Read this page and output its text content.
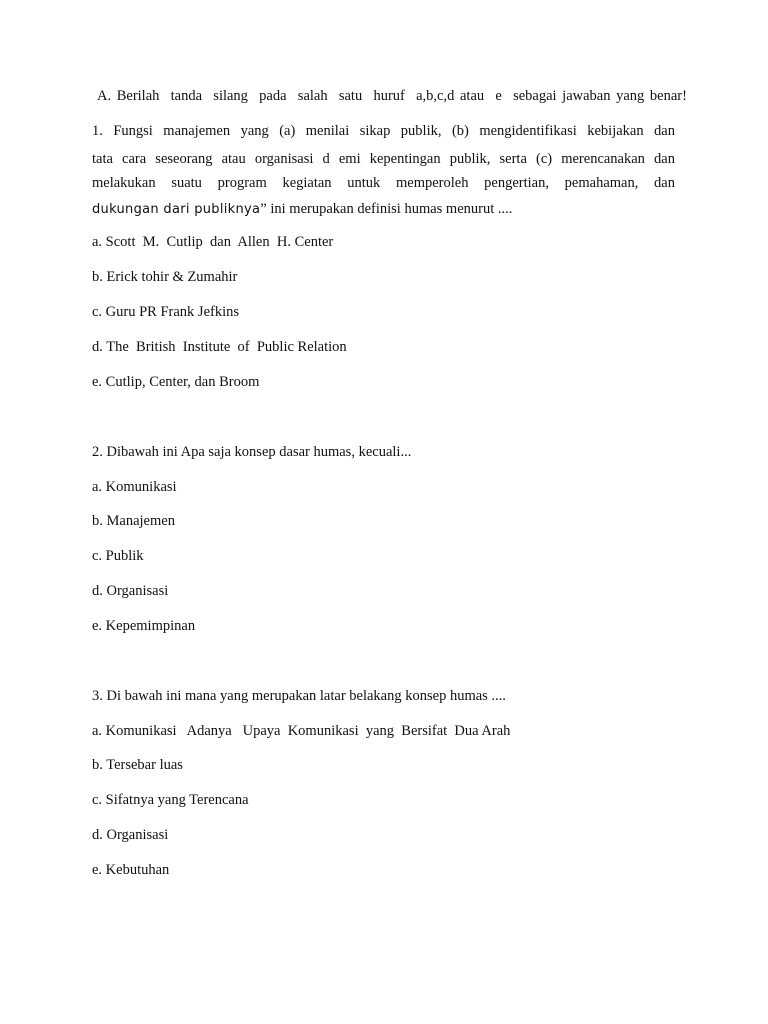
A. Berilah  tanda  silang  pada  salah  satu  huruf  a,b,c,d atau  e  sebagai jawaban yang benar!
1. Fungsi manajemen yang (a) menilai sikap publik, (b) mengidentifikasi kebijakan dan
tata cara seseorang atau organisasi d emi kepentingan publik, serta (c) merencanakan dan
melakukan suatu program kegiatan untuk memperoleh pengertian, pemahaman, dan
dukungan dari publiknya” ini merupakan definisi humas menurut ....
a. Scott  M.  Cutlip  dan  Allen  H. Center
b. Erick tohir & Zumahir
c. Guru PR Frank Jefkins
d. The  British  Institute  of  Public Relation
e. Cutlip, Center, dan Broom
2. Dibawah ini Apa saja konsep dasar humas, kecuali...
a. Komunikasi
b. Manajemen
c. Publik
d. Organisasi
e. Kepemimpinan
3. Di bawah ini mana yang merupakan latar belakang konsep humas ....
a. Komunikasi   Adanya   Upaya  Komunikasi  yang  Bersifat  Dua Arah
b. Tersebar luas
c. Sifatnya yang Terencana
d. Organisasi
e. Kebutuhan
